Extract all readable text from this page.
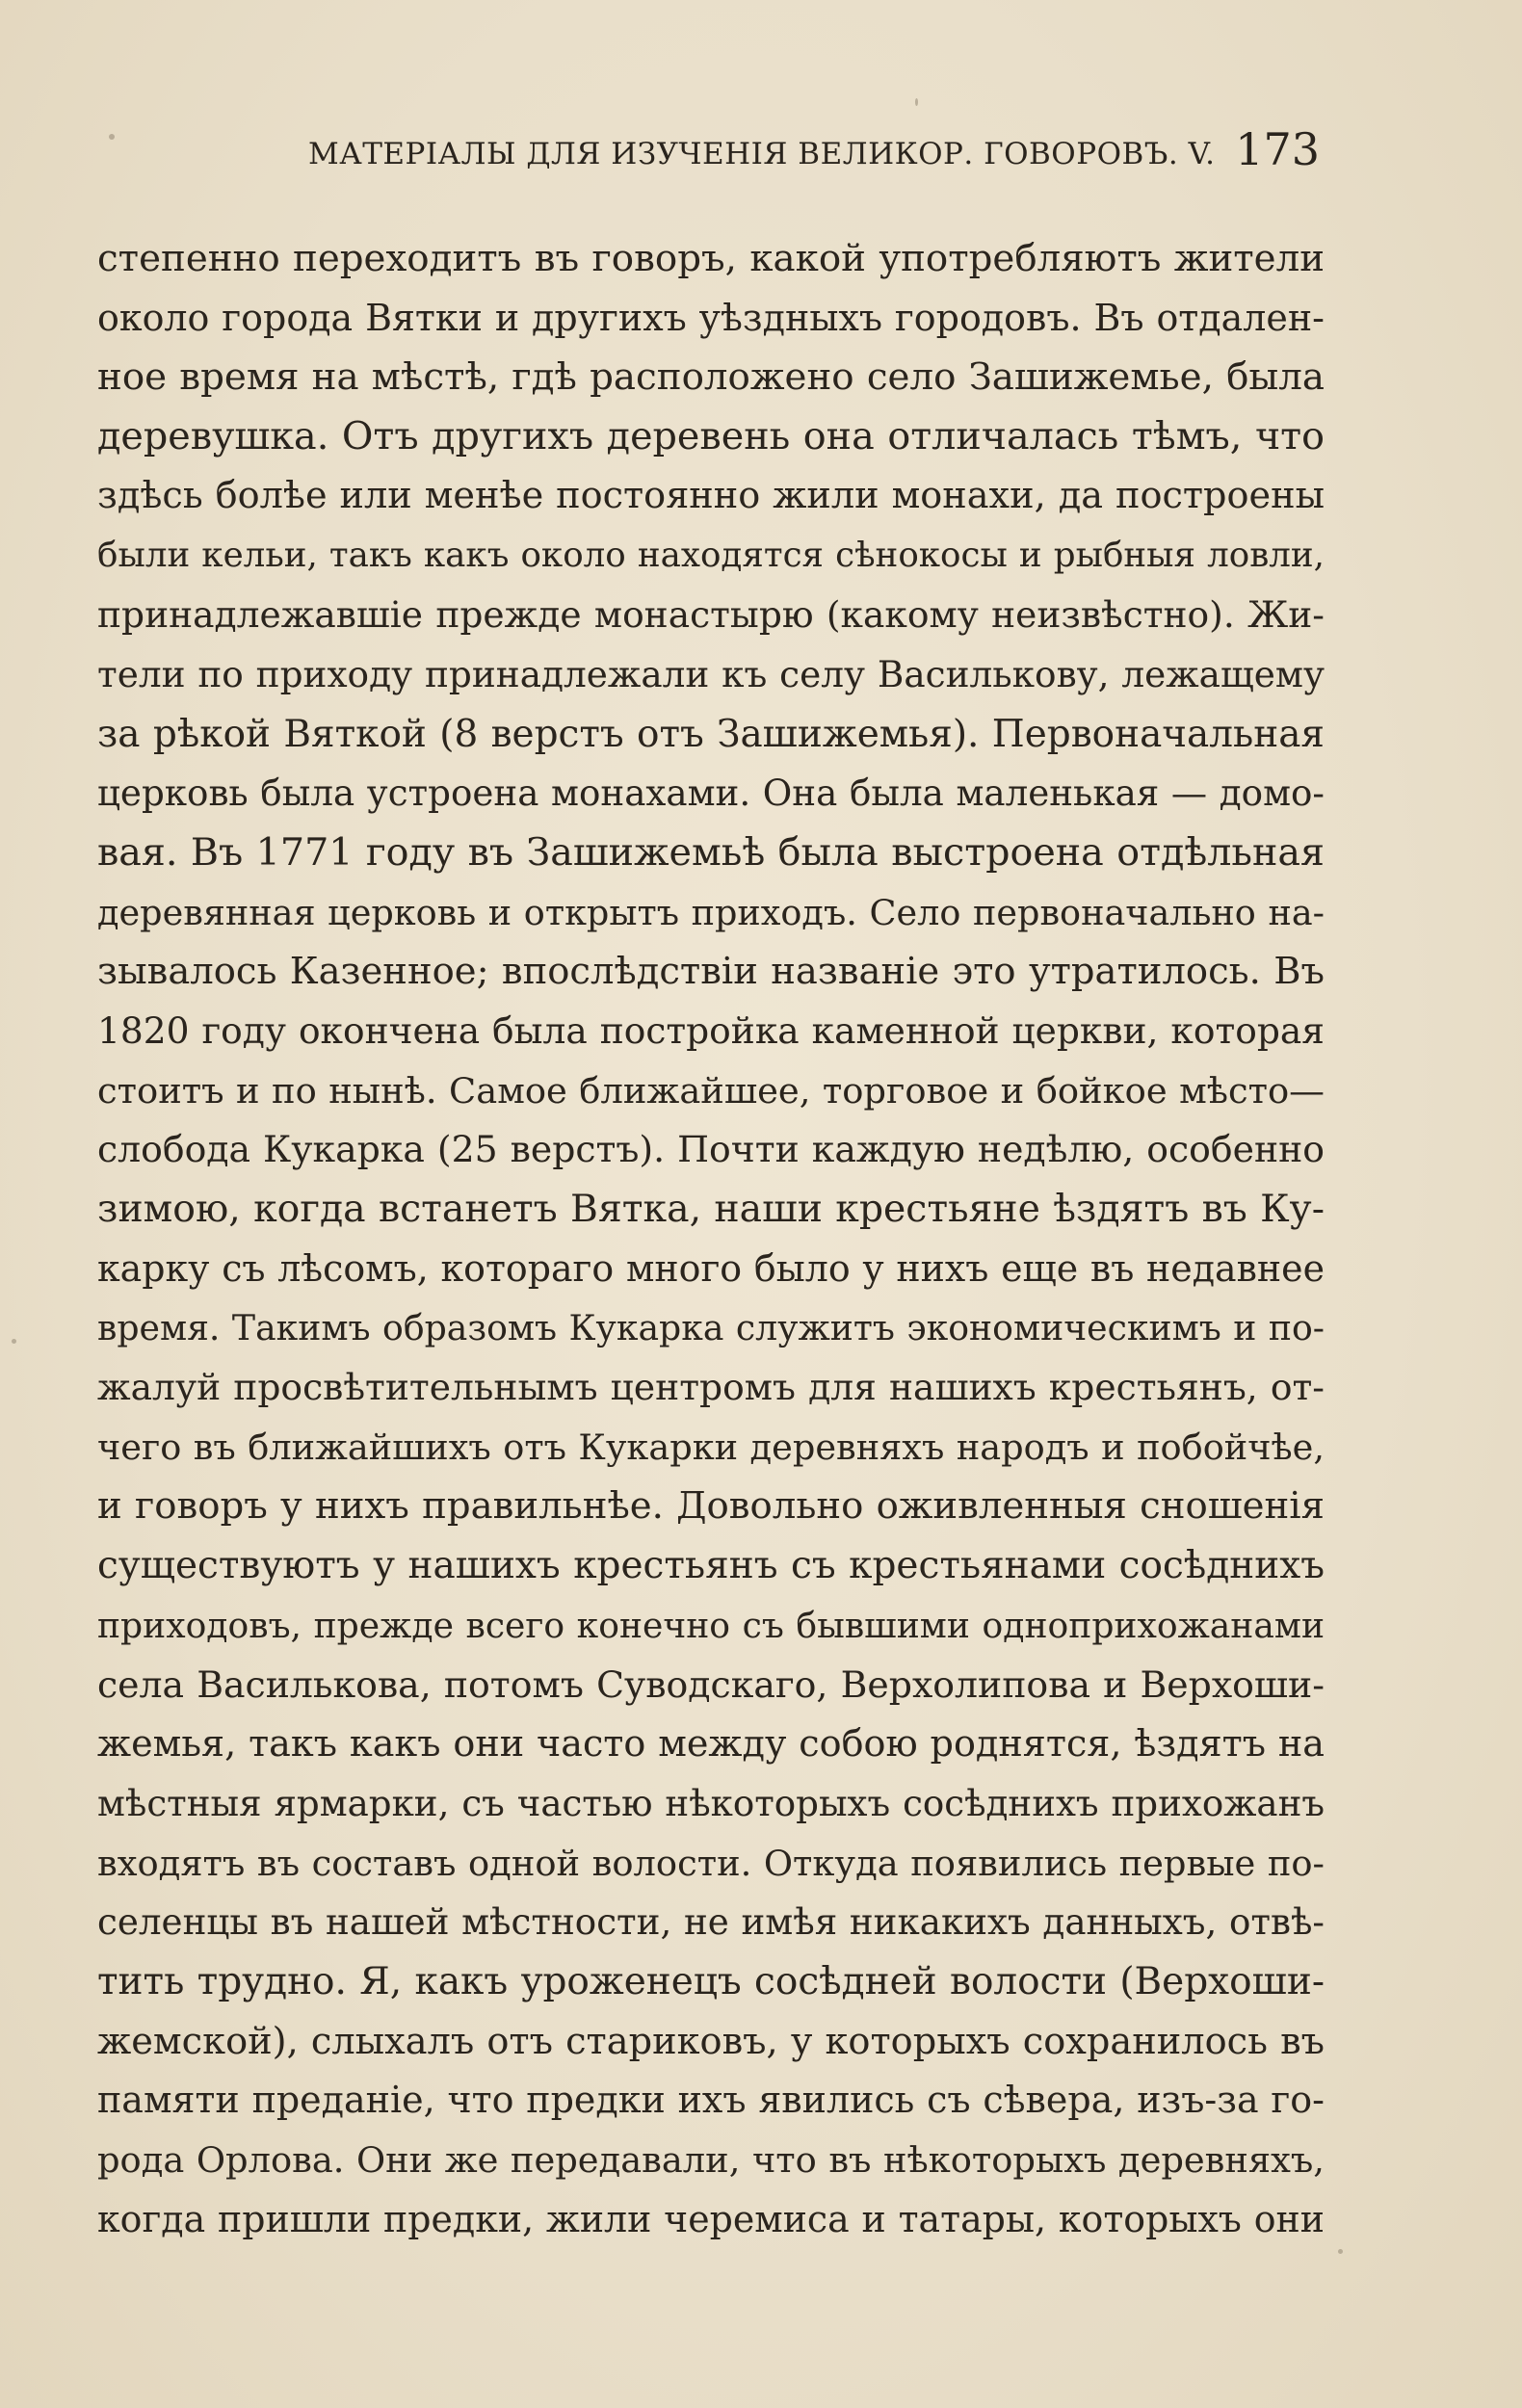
МАТЕРІАЛЫ ДЛЯ ИЗУЧЕНІЯ ВЕЛИКОР. ГОВОРОВЪ. V. 173
степенно переходитъ въ говоръ, какой употребляютъ жители
около города Вятки и другихъ уѣздныхъ городовъ. Въ отдален-
ное время на мѣстѣ, гдѣ расположено село Зашижемье, была
деревушка. Отъ другихъ деревень она отличалась тѣмъ, что
здѣсь болѣе или менѣе постоянно жили монахи, да построены
были кельи, такъ какъ около находятся сѣнокосы и рыбныя ловли,
принадлежавшіе прежде монастырю (какому неизвѣстно). Жи-
тели по приходу принадлежали къ селу Василькову, лежащему
за рѣкой Вяткой (8 верстъ отъ Зашижемья). Первоначальная
церковь была устроена монахами. Она была маленькая — домо-
вая. Въ 1771 году въ Зашижемьѣ была выстроена отдѣльная
деревянная церковь и открытъ приходъ. Село первоначально на-
зывалось Казенное; впослѣдствіи названіе это утратилось. Въ
1820 году окончена была постройка каменной церкви, которая
стоитъ и по нынѣ. Самое ближайшее, торговое и бойкое мѣсто—
слобода Кукарка (25 верстъ). Почти каждую недѣлю, особенно
зимою, когда встанетъ Вятка, наши крестьяне ѣздятъ въ Ку-
карку съ лѣсомъ, котораго много было у нихъ еще въ недавнее
время. Такимъ образомъ Кукарка служитъ экономическимъ и по-
жалуй просвѣтительнымъ центромъ для нашихъ крестьянъ, от-
чего въ ближайшихъ отъ Кукарки деревняхъ народъ и побойчѣе,
и говоръ у нихъ правильнѣе. Довольно оживленныя сношенія
существуютъ у нашихъ крестьянъ съ крестьянами сосѣднихъ
приходовъ, прежде всего конечно съ бывшими одноприхожанами
села Василькова, потомъ Суводскаго, Верхолипова и Верхоши-
жемья, такъ какъ они часто между собою роднятся, ѣздятъ на
мѣстныя ярмарки, съ частью нѣкоторыхъ сосѣднихъ прихожанъ
входятъ въ составъ одной волости. Откуда появились первые по-
селенцы въ нашей мѣстности, не имѣя никакихъ данныхъ, отвѣ-
тить трудно. Я, какъ уроженецъ сосѣдней волости (Верхоши-
жемской), слыхалъ отъ стариковъ, у которыхъ сохранилось въ
памяти преданіе, что предки ихъ явились съ сѣвера, изъ-за го-
рода Орлова. Они же передавали, что въ нѣкоторыхъ деревняхъ,
когда пришли предки, жили черемиса и татары, которыхъ они
